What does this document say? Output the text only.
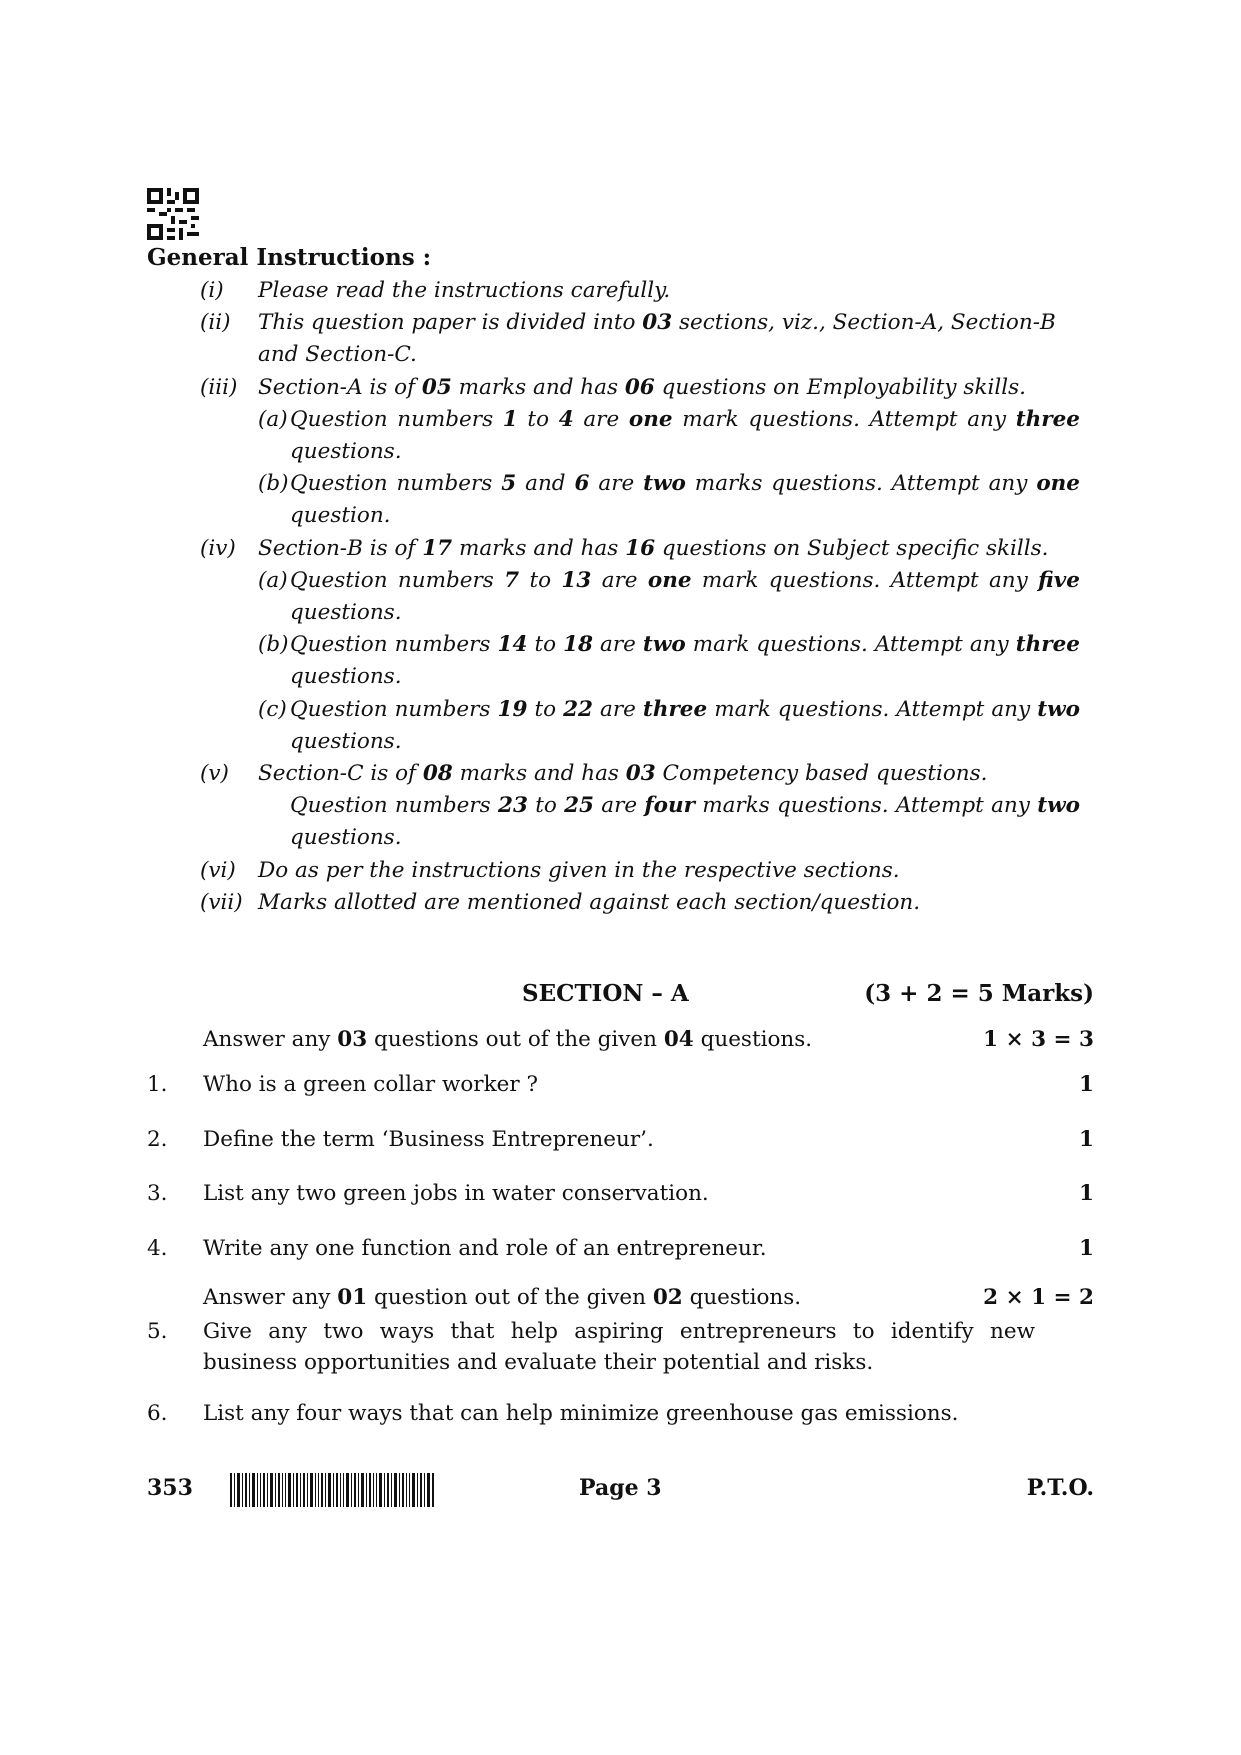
General Instructions :
(i)	Please read the instructions carefully.
(ii)	This question paper is divided into 03 sections, viz., Section-A, Section-B and Section-C.
(iii) Section-A is of 05 marks and has 06 questions on Employability skills.
(a) Question numbers 1 to 4 are one mark questions. Attempt any three questions.
(b) Question numbers 5 and 6 are two marks questions. Attempt any one question.
(iv)	Section-B is of 17 marks and has 16 questions on Subject specific skills.
(a) Question numbers 7 to 13 are one mark questions. Attempt any five questions.
(b) Question numbers 14 to 18 are two mark questions. Attempt any three questions.
(c) Question numbers 19 to 22 are three mark questions. Attempt any two questions.
(v)	Section-C is of 08 marks and has 03 Competency based questions.
Question numbers 23 to 25 are four marks questions. Attempt any two questions.
(vi)	Do as per the instructions given in the respective sections.
(vii) Marks allotted are mentioned against each section/question.
SECTION – A	(3 + 2 = 5 Marks)
Answer any 03 questions out of the given 04 questions.	1 × 3 = 3
1.	Who is a green collar worker ?	1
2.	Define the term ‘Business Entrepreneur’.	1
3.	List any two green jobs in water conservation.	1
4.	Write any one function and role of an entrepreneur.	1
Answer any 01 question out of the given 02 questions.	2 × 1 = 2
5.	Give any two ways that help aspiring entrepreneurs to identify new business opportunities and evaluate their potential and risks.
6.	List any four ways that can help minimize greenhouse gas emissions.
353	Page 3	P.T.O.
